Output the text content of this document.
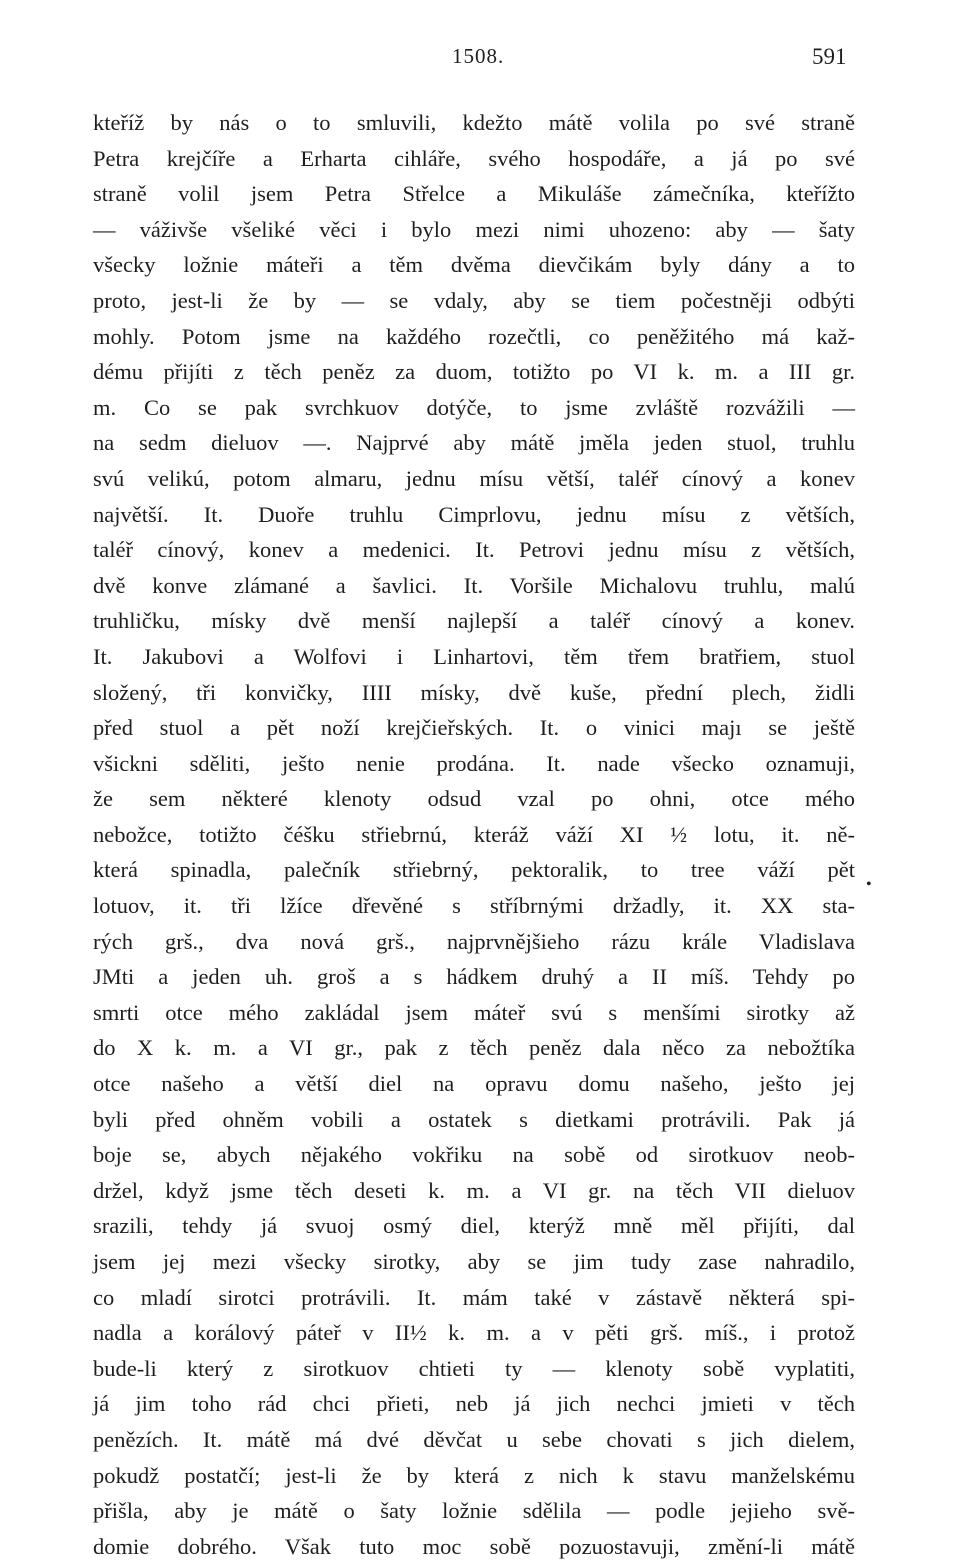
1508.	591
kteříž by nás o to smluvili, kdežto mátě volila po své straně
Petra krejčíře a Erharta cihláře, svého hospodáře, a já po své
straně volil jsem Petra Střelce a Mikuláše zámečníka, kteřížto
— váživše všeliké věci i bylo mezi nimi uhozeno: aby — šaty
všecky ložnie máteři a těm dvěma dievčikám byly dány a to
proto, jest-li že by — se vdaly, aby se tiem počestněji odbýti
mohly. Potom jsme na každého rozečtli, co peněžitého má kaž-
dému přijíti z těch peněz za duom, totižto po VI k. m. a III gr.
m. Co se pak svrchkuov dotýče, to jsme zvláště rozvážili —
na sedm dieluov —. Najprvé aby mátě jměla jeden stuol, truhlu
svú velikú, potom almaru, jednu mísu větší, taléř cínový a konev
najvětší. It. Duoře truhlu Cimprlovu, jednu mísu z větších,
taléř cínový, konev a medenici. It. Petrovi jednu mísu z větších,
dvě konve zlámané a šavlici. It. Voršile Michalovu truhlu, malú
truhličku, mísky dvě menší najlepší a taléř cínový a konev.
It. Jakubovi a Wolfovi i Linhartovi, těm třem bratřiem, stuol
složený, tři konvičky, IIII mísky, dvě kuše, přední plech, židli
před stuol a pět noží krejčieřských. It. o vinici majı se ještě
všickni sděliti, ješto nenie prodána. It. nade všecko oznamuji,
že sem některé klenoty odsud vzal po ohni, otce mého
nebožce, totižto čéšku střiebrnú, kteráž váží XI ½ lotu, it. ně-
která spinadla, palečník střiebrný, pektoralik, to tree váží pět
lotuov, it. tři lžíce dřevěné s stříbrnými držadly, it. XX sta-
rých grš., dva nová grš., najprvnějšieho rázu krále Vladislava
JMti a jeden uh. groš a s hádkem druhý a II míš. Tehdy po
smrti otce mého zakládal jsem máteř svú s menšími sirotky až
do X k. m. a VI gr., pak z těch peněz dala něco za nebožtíka
otce našeho a větší diel na opravu domu našeho, ješto jej
byli před ohněm vobili a ostatek s dietkami protrávili. Pak já
boje se, abych nějakého vokřiku na sobě od sirotkuov neob-
držel, když jsme těch deseti k. m. a VI gr. na těch VII dieluov
srazili, tehdy já svuoj osmý diel, kterýž mně měl přijíti, dal
jsem jej mezi všecky sirotky, aby se jim tudy zase nahradilo,
co mladí sirotci protrávili. It. mám také v zástavě některá spi-
nadla a korálový páteř v II½ k. m. a v pěti grš. míš., i protož
bude-li který z sirotkuov chtieti ty — klenoty sobě vyplatiti,
já jim toho rád chci přieti, neb já jich nechci jmieti v těch
penězích. It. mátě má dvé děvčat u sebe chovati s jich dielem,
pokudž postatčí; jest-li že by která z nich k stavu manželskému
přišla, aby je mátě o šaty ložnie sdělila — podle jejieho svě-
domie dobrého. Však tuto moc sobě pozuostavuji, změní-li mátě
•
